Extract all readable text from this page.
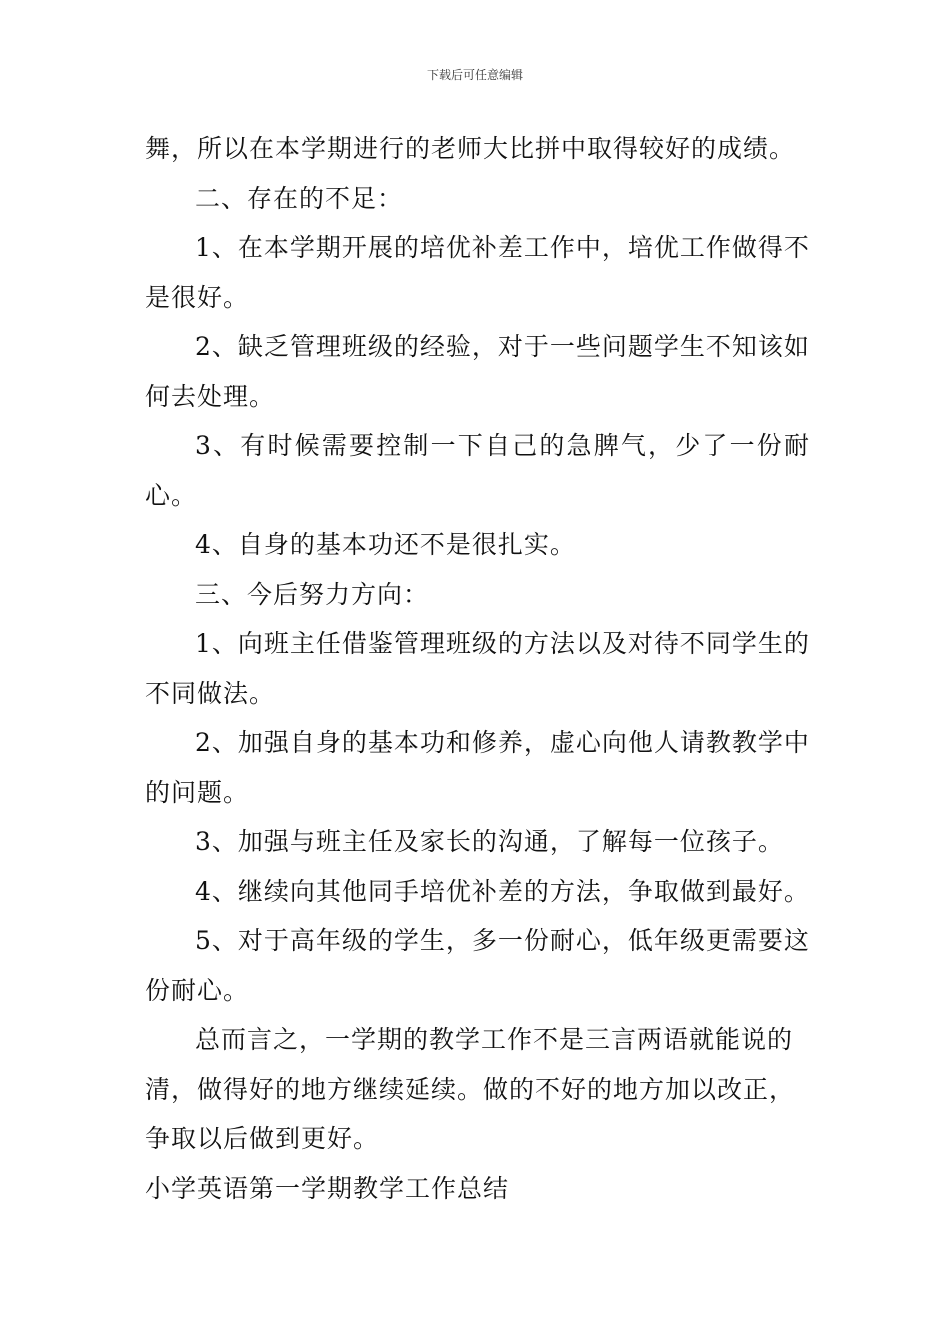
下载后可任意编辑

舞，所以在本学期进行的老师大比拼中取得较好的成绩。

二、存在的不足：

1、在本学期开展的培优补差工作中，培优工作做得不
是很好。

2、缺乏管理班级的经验，对于一些问题学生不知该如
何去处理。

3、有时候需要控制一下自己的急脾气，少了一份耐心。

4、自身的基本功还不是很扎实。

三、今后努力方向：

1、向班主任借鉴管理班级的方法以及对待不同学生的
不同做法。

2、加强自身的基本功和修养，虚心向他人请教教学中
的问题。

3、加强与班主任及家长的沟通，了解每一位孩子。

4、继续向其他同手培优补差的方法，争取做到最好。

5、对于高年级的学生，多一份耐心，低年级更需要这
份耐心。

总而言之，一学期的教学工作不是三言两语就能说的
清，做得好的地方继续延续。做的不好的地方加以改正，
争取以后做到更好。

小学英语第一学期教学工作总结
